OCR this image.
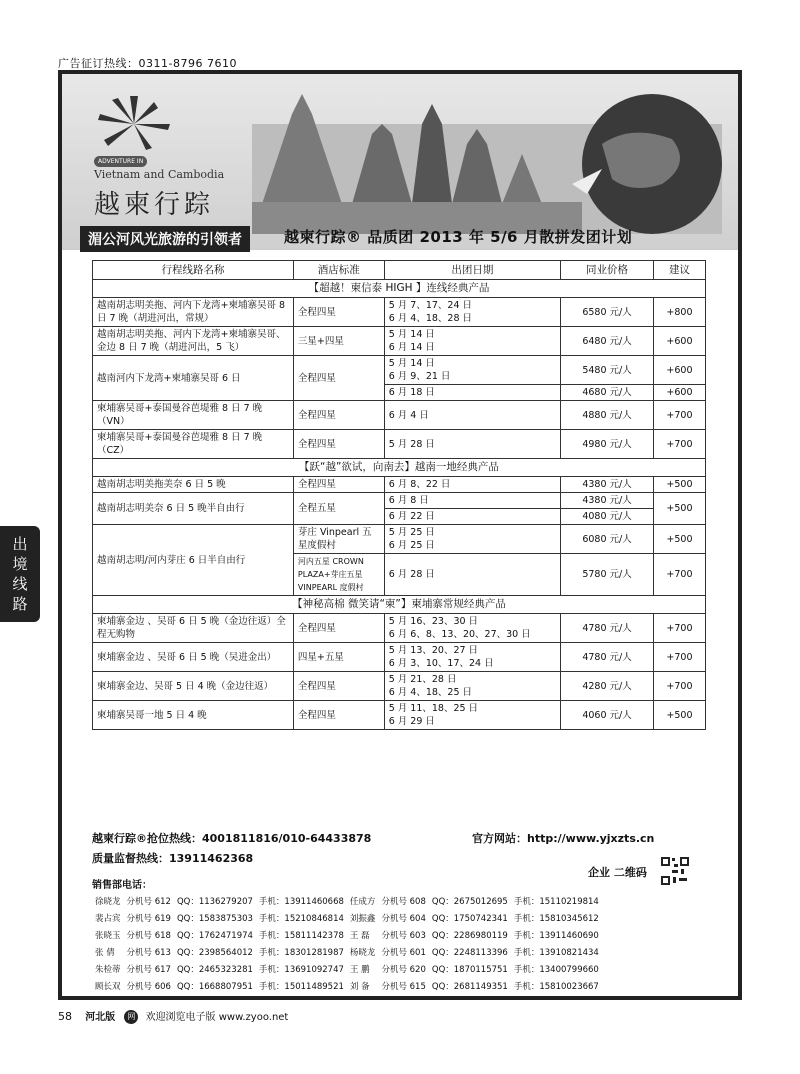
广告征订热线：0311-8796 7610
ADVENTURE IN
Vietnam and Cambodia
越柬行踪
湄公河风光旅游的引领者	越柬行踪® 品质团 2013 年 5/6 月散拼发团计划
行程线路名称	酒店标准	出团日期	同业价格	建议
【超越！柬信泰 HIGH 】连线经典产品				
越南胡志明美拖、河内下龙湾+柬埔寨吴哥 8 日 7 晚（胡进河出，常规）	全程四星	5 月 7、17、24 日
6 月 4、18、28 日	6580 元/人	+800
越南胡志明美拖、河内下龙湾+柬埔寨吴哥、金边 8 日 7 晚（胡进河出，5 飞）	三星+四星	5 月 14 日
6 月 14 日	6480 元/人	+600
越南河内下龙湾+柬埔寨吴哥 6 日	全程四星	5 月 14 日
6 月 9、21 日	5480 元/人	+600
		6 月 18 日	4680 元/人	+600
柬埔寨吴哥+泰国曼谷芭堤雅 8 日 7 晚（VN）	全程四星	6 月 4 日	4880 元/人	+700
柬埔寨吴哥+泰国曼谷芭堤雅 8 日 7 晚（CZ）	全程四星	5 月 28 日	4980 元/人	+700
【跃“越”欲试，向南去】越南一地经典产品				
越南胡志明美拖美奈 6 日 5 晚	全程四星	6 月 8、22 日	4380 元/人	+500
越南胡志明美奈 6 日 5 晚半自由行	全程五星	6 月 8 日	4380 元/人	+500
		6 月 22 日	4080 元/人	
越南胡志明/河内芽庄 6 日半自由行	芽庄 Vinpearl 五星度假村	5 月 25 日
6 月 25 日	6080 元/人	+500
	河内五星 CROWN PLAZA+芽庄五星 VINPEARL 度假村	6 月 28 日	5780 元/人	+700
【神秘高棉 微笑请“柬”】柬埔寨常规经典产品				
柬埔寨金边 、吴哥 6 日 5 晚（金边往返）全程无购物	全程四星	5 月 16、23、30 日
6 月 6、8、13、20、27、30 日	4780 元/人	+700
柬埔寨金边 、吴哥 6 日 5 晚（吴进金出）	四星+五星	5 月 13、20、27 日
6 月 3、10、17、24 日	4780 元/人	+700
柬埔寨金边、吴哥 5 日 4 晚（金边往返）	全程四星	5 月 21、28 日
6 月 4、18、25 日	4280 元/人	+700
柬埔寨吴哥一地 5 日 4 晚	全程四星	5 月 11、18、25 日
6 月 29 日	4060 元/人	+500
越柬行踪®抢位热线：4001811816/010-64433878
质量监督热线：13911462368
官方网站：http://www.yjxzts.cn
企业 二维码
销售部电话：
徐晓龙	分机号 612	QQ：1136279207	手机：13911460668	任成方	分机号 608	QQ：2675012695	手机：15110219814
裴占宾	分机号 619	QQ：1583875303	手机：15210846814	刘振鑫	分机号 604	QQ：1750742341	手机：15810345612
张晓玉	分机号 618	QQ：1762471974	手机：15811142378	王 磊	分机号 603	QQ：2286980119	手机：13911460690
张 倩	分机号 613	QQ：2398564012	手机：18301281987	杨晓龙	分机号 601	QQ：2248113396	手机：13910821434
朱检蒂	分机号 617	QQ：2465323281	手机：13691092747	王 鹏	分机号 620	QQ：1870115751	手机：13400799660
顾长双	分机号 606	QQ：1668807951	手机：15011489521	刘 备	分机号 615	QQ：2681149351	手机：15810023667
出
境
线
路
58 河北版 网 欢迎浏览电子版 www.zyoo.net
